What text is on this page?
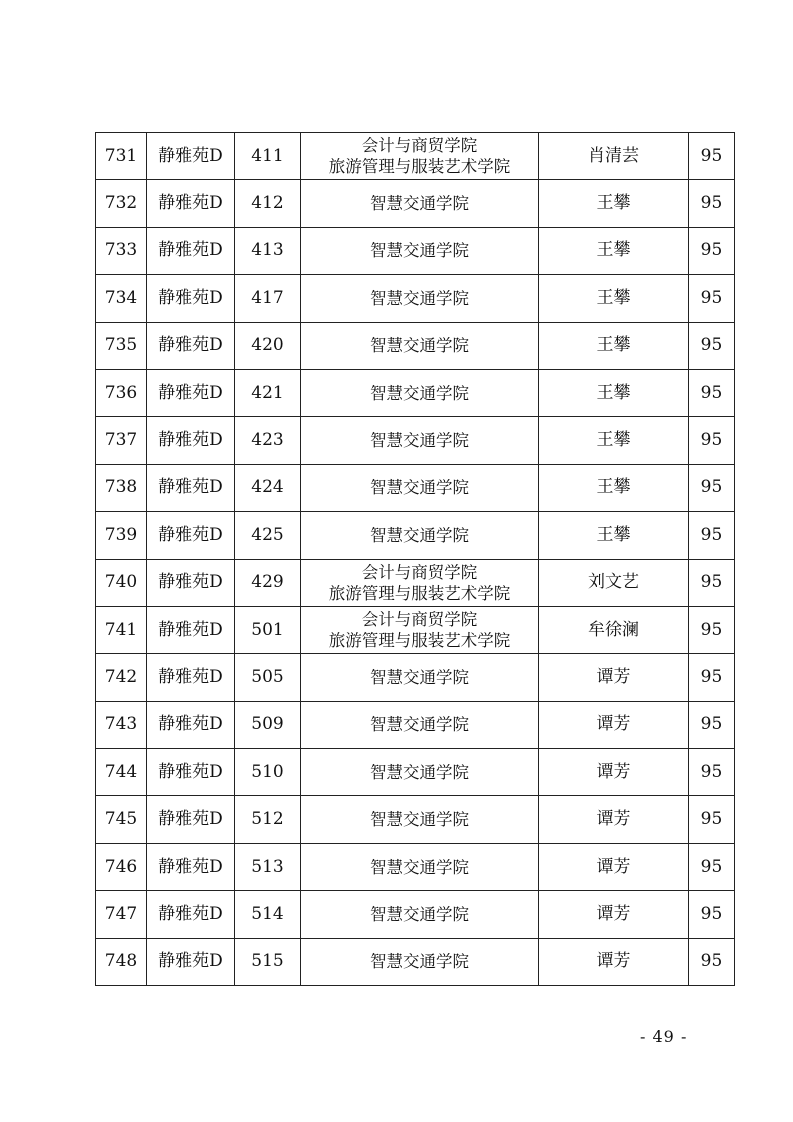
731	静雅苑D	411	会计与商贸学院
旅游管理与服装艺术学院	肖清芸	95
732	静雅苑D	412	智慧交通学院	王攀	95
733	静雅苑D	413	智慧交通学院	王攀	95
734	静雅苑D	417	智慧交通学院	王攀	95
735	静雅苑D	420	智慧交通学院	王攀	95
736	静雅苑D	421	智慧交通学院	王攀	95
737	静雅苑D	423	智慧交通学院	王攀	95
738	静雅苑D	424	智慧交通学院	王攀	95
739	静雅苑D	425	智慧交通学院	王攀	95
740	静雅苑D	429	会计与商贸学院
旅游管理与服装艺术学院	刘文艺	95
741	静雅苑D	501	会计与商贸学院
旅游管理与服装艺术学院	牟徐澜	95
742	静雅苑D	505	智慧交通学院	谭芳	95
743	静雅苑D	509	智慧交通学院	谭芳	95
744	静雅苑D	510	智慧交通学院	谭芳	95
745	静雅苑D	512	智慧交通学院	谭芳	95
746	静雅苑D	513	智慧交通学院	谭芳	95
747	静雅苑D	514	智慧交通学院	谭芳	95
748	静雅苑D	515	智慧交通学院	谭芳	95
- 49 -
